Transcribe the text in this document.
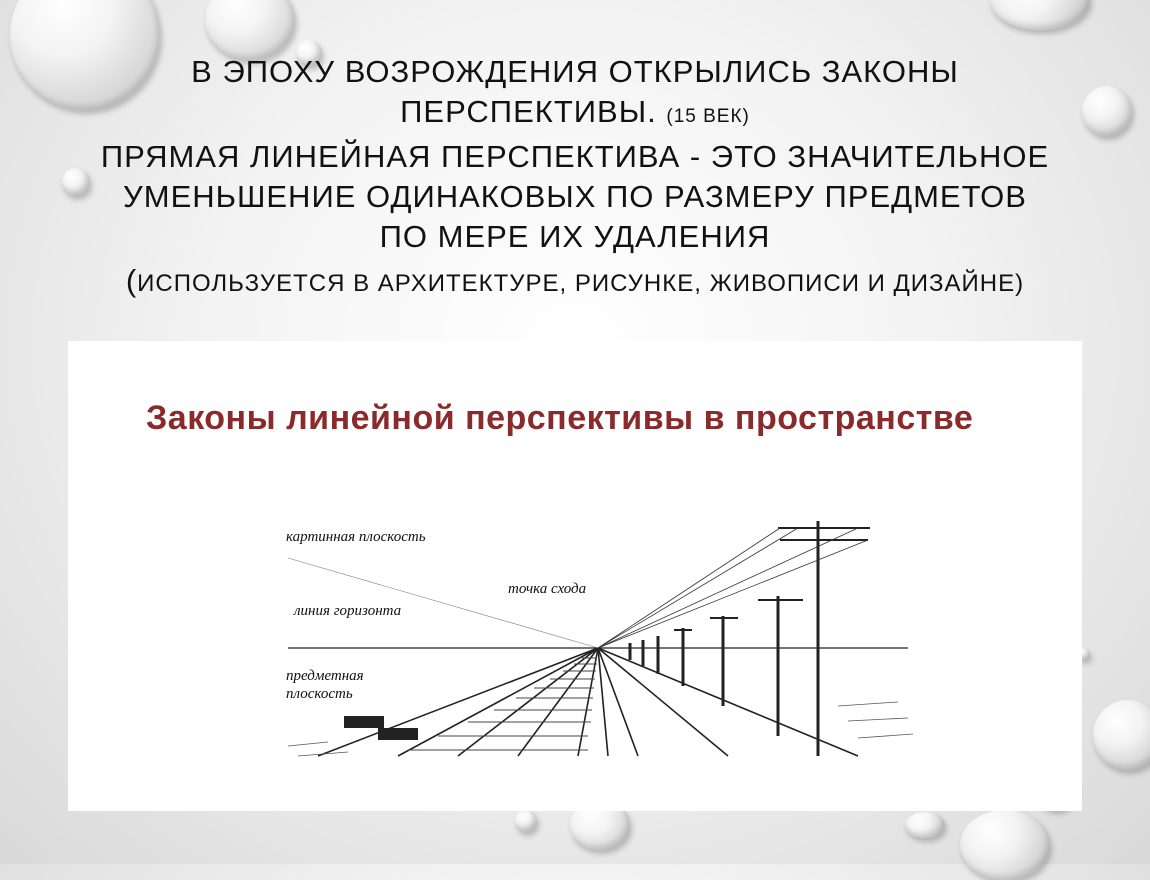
В ЭПОХУ ВОЗРОЖДЕНИЯ ОТКРЫЛИСЬ ЗАКОНЫ
ПЕРСПЕКТИВЫ. (15 ВЕК)
ПРЯМАЯ ЛИНЕЙНАЯ ПЕРСПЕКТИВА - ЭТО ЗНАЧИТЕЛЬНОЕ
УМЕНЬШЕНИЕ ОДИНАКОВЫХ ПО РАЗМЕРУ ПРЕДМЕТОВ
ПО МЕРЕ ИХ УДАЛЕНИЯ
(ИСПОЛЬЗУЕТСЯ В АРХИТЕКТУРЕ, РИСУНКЕ, ЖИВОПИСИ И ДИЗАЙНЕ)
Законы линейной перспективы в пространстве
картинная плоскость
точка схода
линия горизонта
предметная плоскость
